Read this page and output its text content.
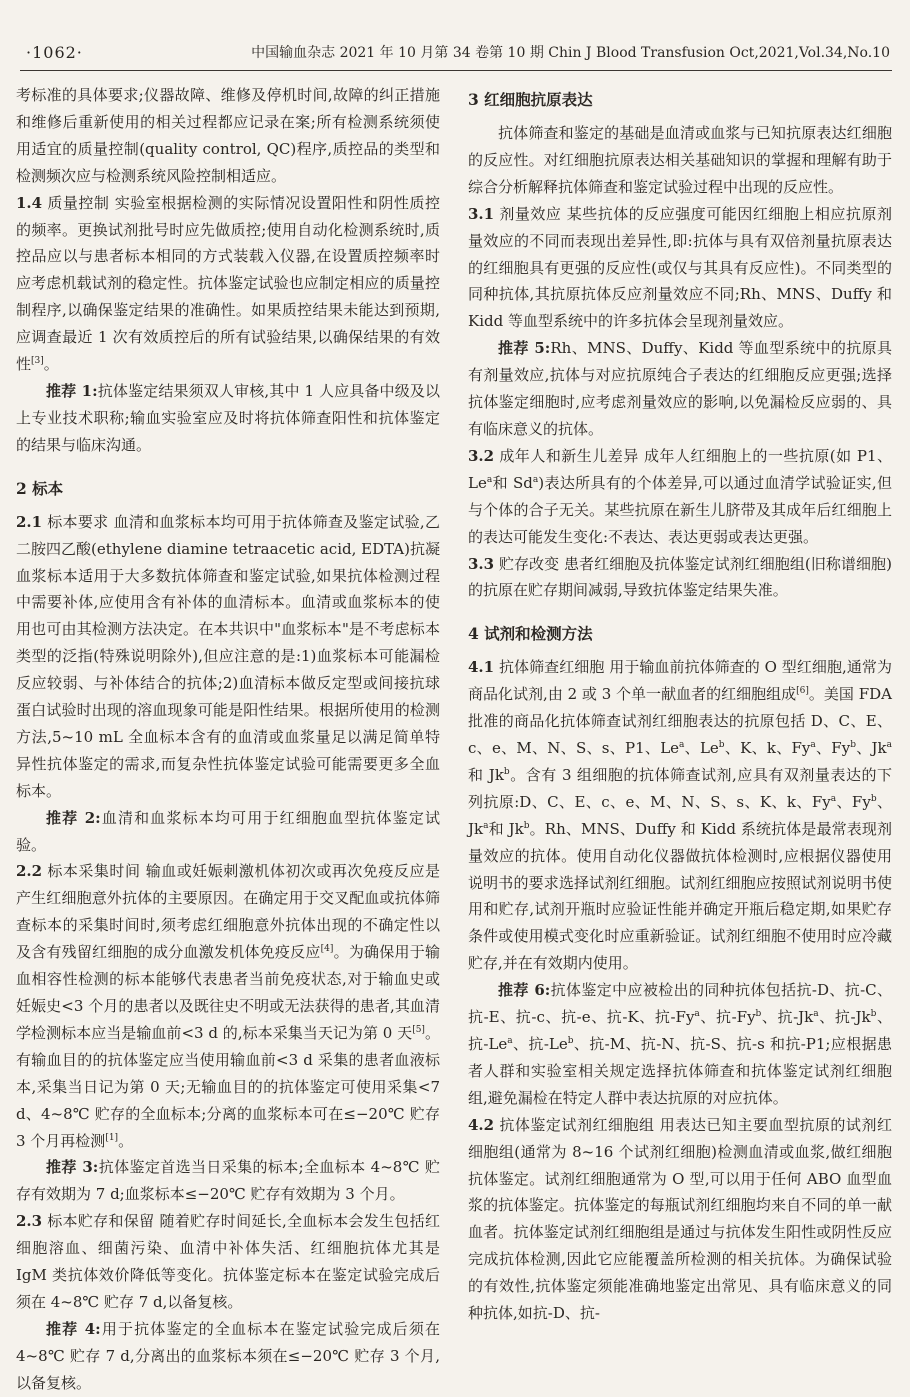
·1062·	中国输血杂志 2021 年 10 月第 34 卷第 10 期 Chin J Blood Transfusion Oct,2021,Vol.34,No.10

考标准的具体要求;仪器故障、维修及停机时间,故障的纠正措施和维修后重新使用的相关过程都应记录在案;所有检测系统须使用适宜的质量控制(quality control, QC)程序,质控品的类型和检测频次应与检测系统风险控制相适应。

1.4 质量控制 实验室根据检测的实际情况设置阳性和阴性质控的频率。更换试剂批号时应先做质控;使用自动化检测系统时,质控品应以与患者标本相同的方式装载入仪器,在设置质控频率时应考虑机载试剂的稳定性。抗体鉴定试验也应制定相应的质量控制程序,以确保鉴定结果的准确性。如果质控结果未能达到预期,应调查最近 1 次有效质控后的所有试验结果,以确保结果的有效性[3]。

推荐 1:抗体鉴定结果须双人审核,其中 1 人应具备中级及以上专业技术职称;输血实验室应及时将抗体筛查阳性和抗体鉴定的结果与临床沟通。

2 标本

2.1 标本要求 血清和血浆标本均可用于抗体筛查及鉴定试验,乙二胺四乙酸(ethylene diamine tetraacetic acid, EDTA)抗凝血浆标本适用于大多数抗体筛查和鉴定试验,如果抗体检测过程中需要补体,应使用含有补体的血清标本。血清或血浆标本的使用也可由其检测方法决定。在本共识中"血浆标本"是不考虑标本类型的泛指(特殊说明除外),但应注意的是:1)血浆标本可能漏检反应较弱、与补体结合的抗体;2)血清标本做反定型或间接抗球蛋白试验时出现的溶血现象可能是阳性结果。根据所使用的检测方法,5~10 mL 全血标本含有的血清或血浆量足以满足简单特异性抗体鉴定的需求,而复杂性抗体鉴定试验可能需要更多全血标本。

推荐 2:血清和血浆标本均可用于红细胞血型抗体鉴定试验。

2.2 标本采集时间 输血或妊娠刺激机体初次或再次免疫反应是产生红细胞意外抗体的主要原因。在确定用于交叉配血或抗体筛查标本的采集时间时,须考虑红细胞意外抗体出现的不确定性以及含有残留红细胞的成分血激发机体免疫反应[4]。为确保用于输血相容性检测的标本能够代表患者当前免疫状态,对于输血史或妊娠史<3 个月的患者以及既往史不明或无法获得的患者,其血清学检测标本应当是输血前<3 d 的,标本采集当天记为第 0 天[5]。有输血目的的抗体鉴定应当使用输血前<3 d 采集的患者血液标本,采集当日记为第 0 天;无输血目的的抗体鉴定可使用采集<7 d、4~8℃ 贮存的全血标本;分离的血浆标本可在≤−20℃ 贮存 3 个月再检测[1]。

推荐 3:抗体鉴定首选当日采集的标本;全血标本 4~8℃ 贮存有效期为 7 d;血浆标本≤−20℃ 贮存有效期为 3 个月。

2.3 标本贮存和保留 随着贮存时间延长,全血标本会发生包括红细胞溶血、细菌污染、血清中补体失活、红细胞抗体尤其是 IgM 类抗体效价降低等变化。抗体鉴定标本在鉴定试验完成后须在 4~8℃ 贮存 7 d,以备复核。

推荐 4:用于抗体鉴定的全血标本在鉴定试验完成后须在 4~8℃ 贮存 7 d,分离出的血浆标本须在≤−20℃ 贮存 3 个月,以备复核。

3 红细胞抗原表达

抗体筛查和鉴定的基础是血清或血浆与已知抗原表达红细胞的反应性。对红细胞抗原表达相关基础知识的掌握和理解有助于综合分析解释抗体筛查和鉴定试验过程中出现的反应性。

3.1 剂量效应 某些抗体的反应强度可能因红细胞上相应抗原剂量效应的不同而表现出差异性,即:抗体与具有双倍剂量抗原表达的红细胞具有更强的反应性(或仅与其具有反应性)。不同类型的同种抗体,其抗原抗体反应剂量效应不同;Rh、MNS、Duffy 和 Kidd 等血型系统中的许多抗体会呈现剂量效应。

推荐 5:Rh、MNS、Duffy、Kidd 等血型系统中的抗原具有剂量效应,抗体与对应抗原纯合子表达的红细胞反应更强;选择抗体鉴定细胞时,应考虑剂量效应的影响,以免漏检反应弱的、具有临床意义的抗体。

3.2 成年人和新生儿差异 成年人红细胞上的一些抗原(如 P1、Le$^a$和 Sd$^a$)表达所具有的个体差异,可以通过血清学试验证实,但与个体的合子无关。某些抗原在新生儿脐带及其成年后红细胞上的表达可能发生变化:不表达、表达更弱或表达更强。

3.3 贮存改变 患者红细胞及抗体鉴定试剂红细胞组(旧称谱细胞)的抗原在贮存期间减弱,导致抗体鉴定结果失准。

4 试剂和检测方法

4.1 抗体筛查红细胞 用于输血前抗体筛查的 O 型红细胞,通常为商品化试剂,由 2 或 3 个单一献血者的红细胞组成[6]。美国 FDA 批准的商品化抗体筛查试剂红细胞表达的抗原包括 D、C、E、c、e、M、N、S、s、P1、Le$^a$、Le$^b$、K、k、Fy$^a$、Fy$^b$、Jk$^a$和 Jk$^b$。含有 3 组细胞的抗体筛查试剂,应具有双剂量表达的下列抗原:D、C、E、c、e、M、N、S、s、K、k、Fy$^a$、Fy$^b$、Jk$^a$和 Jk$^b$。Rh、MNS、Duffy 和 Kidd 系统抗体是最常表现剂量效应的抗体。使用自动化仪器做抗体检测时,应根据仪器使用说明书的要求选择试剂红细胞。试剂红细胞应按照试剂说明书使用和贮存,试剂开瓶时应验证性能并确定开瓶后稳定期,如果贮存条件或使用模式变化时应重新验证。试剂红细胞不使用时应冷藏贮存,并在有效期内使用。

推荐 6:抗体鉴定中应被检出的同种抗体包括抗-D、抗-C、抗-E、抗-c、抗-e、抗-K、抗-Fy$^a$、抗-Fy$^b$、抗-Jk$^a$、抗-Jk$^b$、抗-Le$^a$、抗-Le$^b$、抗-M、抗-N、抗-S、抗-s 和抗-P1;应根据患者人群和实验室相关规定选择抗体筛查和抗体鉴定试剂红细胞组,避免漏检在特定人群中表达抗原的对应抗体。

4.2 抗体鉴定试剂红细胞组 用表达已知主要血型抗原的试剂红细胞组(通常为 8~16 个试剂红细胞)检测血清或血浆,做红细胞抗体鉴定。试剂红细胞通常为 O 型,可以用于任何 ABO 血型血浆的抗体鉴定。抗体鉴定的每瓶试剂红细胞均来自不同的单一献血者。抗体鉴定试剂红细胞组是通过与抗体发生阳性或阴性反应完成抗体检测,因此它应能覆盖所检测的相关抗体。为确保试验的有效性,抗体鉴定须能准确地鉴定出常见、具有临床意义的同种抗体,如抗-D、抗-
